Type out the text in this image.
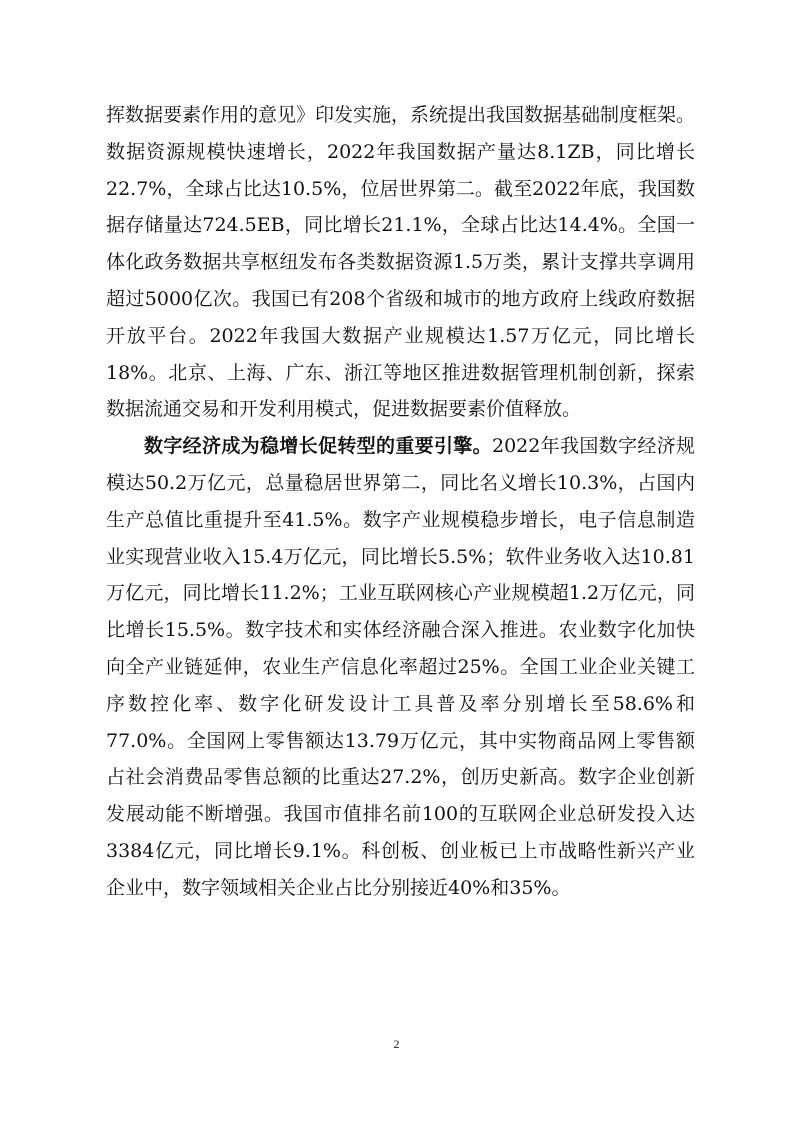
挥数据要素作用的意见》印发实施，系统提出我国数据基础制度框架。数据资源规模快速增长，2022年我国数据产量达8.1ZB，同比增长22.7%，全球占比达10.5%，位居世界第二。截至2022年底，我国数据存储量达724.5EB，同比增长21.1%，全球占比达14.4%。全国一体化政务数据共享枢纽发布各类数据资源1.5万类，累计支撑共享调用超过5000亿次。我国已有208个省级和城市的地方政府上线政府数据开放平台。2022年我国大数据产业规模达1.57万亿元，同比增长18%。北京、上海、广东、浙江等地区推进数据管理机制创新，探索数据流通交易和开发利用模式，促进数据要素价值释放。

数字经济成为稳增长促转型的重要引擎。2022年我国数字经济规模达50.2万亿元，总量稳居世界第二，同比名义增长10.3%，占国内生产总值比重提升至41.5%。数字产业规模稳步增长，电子信息制造业实现营业收入15.4万亿元，同比增长5.5%；软件业务收入达10.81万亿元，同比增长11.2%；工业互联网核心产业规模超1.2万亿元，同比增长15.5%。数字技术和实体经济融合深入推进。农业数字化加快向全产业链延伸，农业生产信息化率超过25%。全国工业企业关键工序数控化率、数字化研发设计工具普及率分别增长至58.6%和77.0%。全国网上零售额达13.79万亿元，其中实物商品网上零售额占社会消费品零售总额的比重达27.2%，创历史新高。数字企业创新发展动能不断增强。我国市值排名前100的互联网企业总研发投入达3384亿元，同比增长9.1%。科创板、创业板已上市战略性新兴产业企业中，数字领域相关企业占比分别接近40%和35%。

2
